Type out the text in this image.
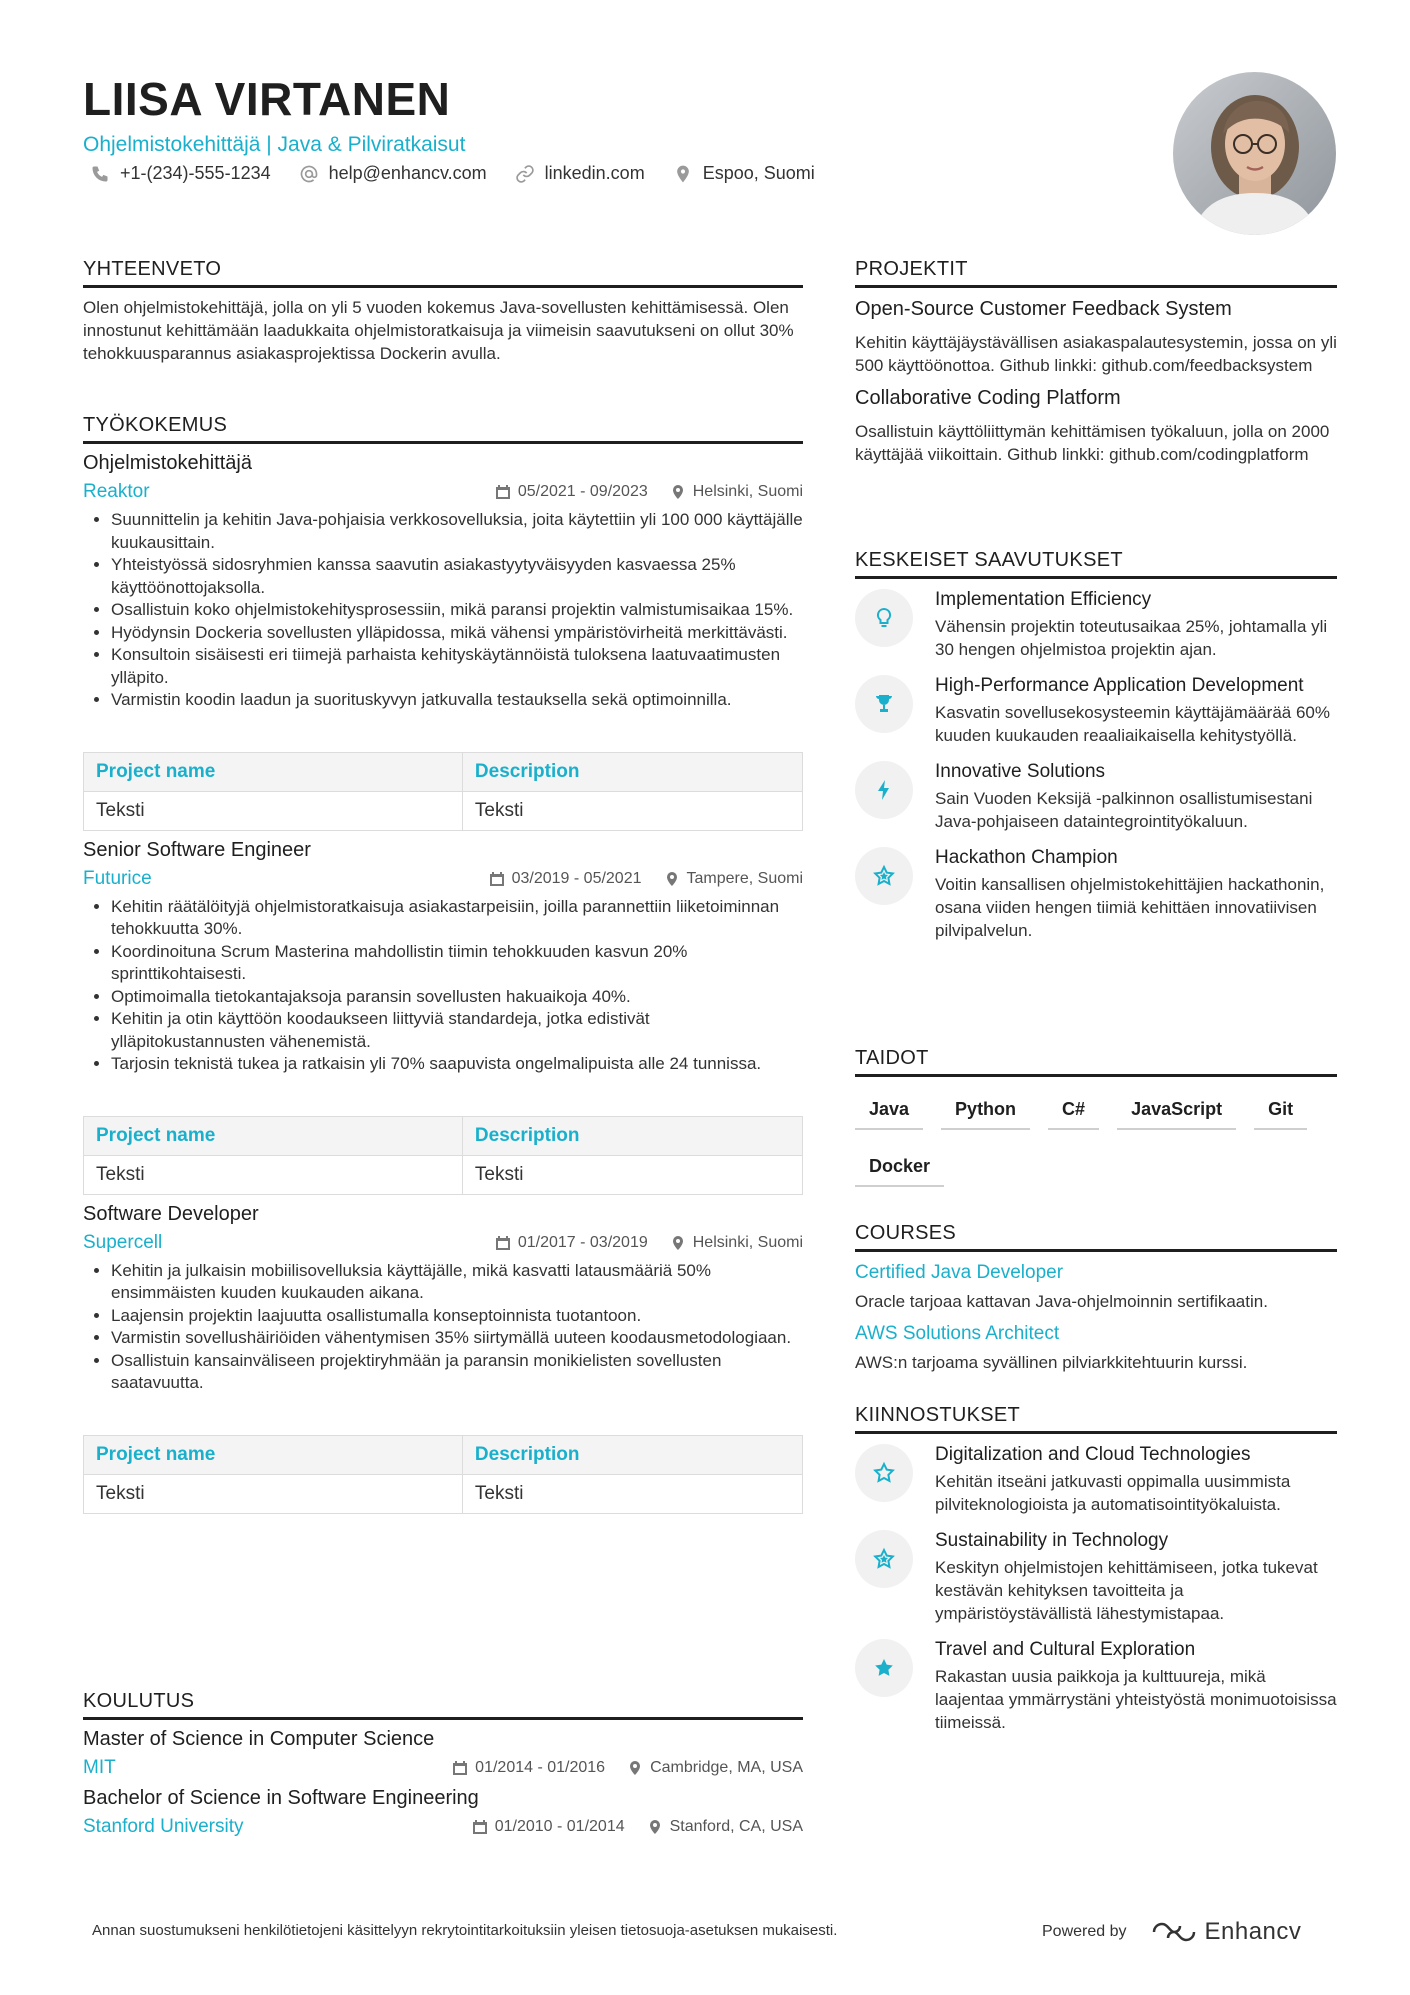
LIISA VIRTANEN
Ohjelmistokehittäjä | Java & Pilviratkaisut
+1-(234)-555-1234	help@enhancv.com	linkedin.com	Espoo, Suomi
YHTEENVETO

Olen ohjelmistokehittäjä, jolla on yli 5 vuoden kokemus Java-sovellusten kehittämisessä. Olen innostunut kehittämään laadukkaita ohjelmistoratkaisuja ja viimeisin saavutukseni on ollut 30% tehokkuusparannus asiakasprojektissa Dockerin avulla.

TYÖKOKEMUS
Ohjelmistokehittäjä
Reaktor	05/2021 - 09/2023	Helsinki, Suomi
• Suunnittelin ja kehitin Java-pohjaisia verkkosovelluksia, joita käytettiin yli 100 000 käyttäjälle kuukausittain.
• Yhteistyössä sidosryhmien kanssa saavutin asiakastyytyväisyyden kasvaessa 25% käyttöönottojaksolla.
• Osallistuin koko ohjelmistokehitysprosessiin, mikä paransi projektin valmistumisaikaa 15%.
• Hyödynsin Dockeria sovellusten ylläpidossa, mikä vähensi ympäristövirheitä merkittävästi.
• Konsultoin sisäisesti eri tiimejä parhaista kehityskäytännöistä tuloksena laatuvaatimusten ylläpito.
• Varmistin koodin laadun ja suorituskyvyn jatkuvalla testauksella sekä optimoinnilla.
Project name	Description
Teksti	Teksti
Senior Software Engineer
Futurice	03/2019 - 05/2021	Tampere, Suomi
• Kehitin räätälöityjä ohjelmistoratkaisuja asiakastarpeisiin, joilla parannettiin liiketoiminnan tehokkuutta 30%.
• Koordinoituna Scrum Masterina mahdollistin tiimin tehokkuuden kasvun 20% sprinttikohtaisesti.
• Optimoimalla tietokantajaksoja paransin sovellusten hakuaikoja 40%.
• Kehitin ja otin käyttöön koodaukseen liittyviä standardeja, jotka edistivät ylläpitokustannusten vähenemistä.
• Tarjosin teknistä tukea ja ratkaisin yli 70% saapuvista ongelmalipuista alle 24 tunnissa.
Project name	Description
Teksti	Teksti
Software Developer
Supercell	01/2017 - 03/2019	Helsinki, Suomi
• Kehitin ja julkaisin mobiilisovelluksia käyttäjälle, mikä kasvatti latausmääriä 50% ensimmäisten kuuden kuukauden aikana.
• Laajensin projektin laajuutta osallistumalla konseptoinnista tuotantoon.
• Varmistin sovellushäiriöiden vähentymisen 35% siirtymällä uuteen koodausmetodologiaan.
• Osallistuin kansainväliseen projektiryhmään ja paransin monikielisten sovellusten saatavuutta.
Project name	Description
Teksti	Teksti
KOULUTUS
Master of Science in Computer Science
MIT	01/2014 - 01/2016	Cambridge, MA, USA
Bachelor of Science in Software Engineering
Stanford University	01/2010 - 01/2014	Stanford, CA, USA
PROJEKTIT
Open-Source Customer Feedback System

Kehitin käyttäjäystävällisen asiakaspalautesystemin, jossa on yli 500 käyttöönottoa. Github linkki: github.com/feedbacksystem

Collaborative Coding Platform

Osallistuin käyttöliittymän kehittämisen työkaluun, jolla on 2000 käyttäjää viikoittain. Github linkki: github.com/codingplatform

KESKEISET SAAVUTUKSET
Implementation Efficiency

Vähensin projektin toteutusaikaa 25%, johtamalla yli 30 hengen ohjelmistoa projektin ajan.

High-Performance Application Development

Kasvatin sovellusekosysteemin käyttäjämäärää 60% kuuden kuukauden reaaliaikaisella kehitystyöllä.

Innovative Solutions

Sain Vuoden Keksijä -palkinnon osallistumisestani Java-pohjaiseen dataintegrointityökaluun.

Hackathon Champion

Voitin kansallisen ohjelmistokehittäjien hackathonin, osana viiden hengen tiimiä kehittäen innovatiivisen pilvipalvelun.

TAIDOT
Java	Python	C#	JavaScript	Git
Docker
COURSES
Certified Java Developer

Oracle tarjoaa kattavan Java-ohjelmoinnin sertifikaatin.

AWS Solutions Architect

AWS:n tarjoama syvällinen pilviarkkitehtuurin kurssi.

KIINNOSTUKSET
Digitalization and Cloud Technologies

Kehitän itseäni jatkuvasti oppimalla uusimmista pilviteknologioista ja automatisointityökaluista.

Sustainability in Technology

Keskityn ohjelmistojen kehittämiseen, jotka tukevat kestävän kehityksen tavoitteita ja ympäristöystävällistä lähestymistapaa.

Travel and Cultural Exploration

Rakastan uusia paikkoja ja kulttuureja, mikä laajentaa ymmärrystäni yhteistyöstä monimuotoisissa tiimeissä.

Annan suostumukseni henkilötietojeni käsittelyyn rekrytointitarkoituksiin yleisen tietosuoja-asetuksen mukaisesti.	Powered by	Enhancv
